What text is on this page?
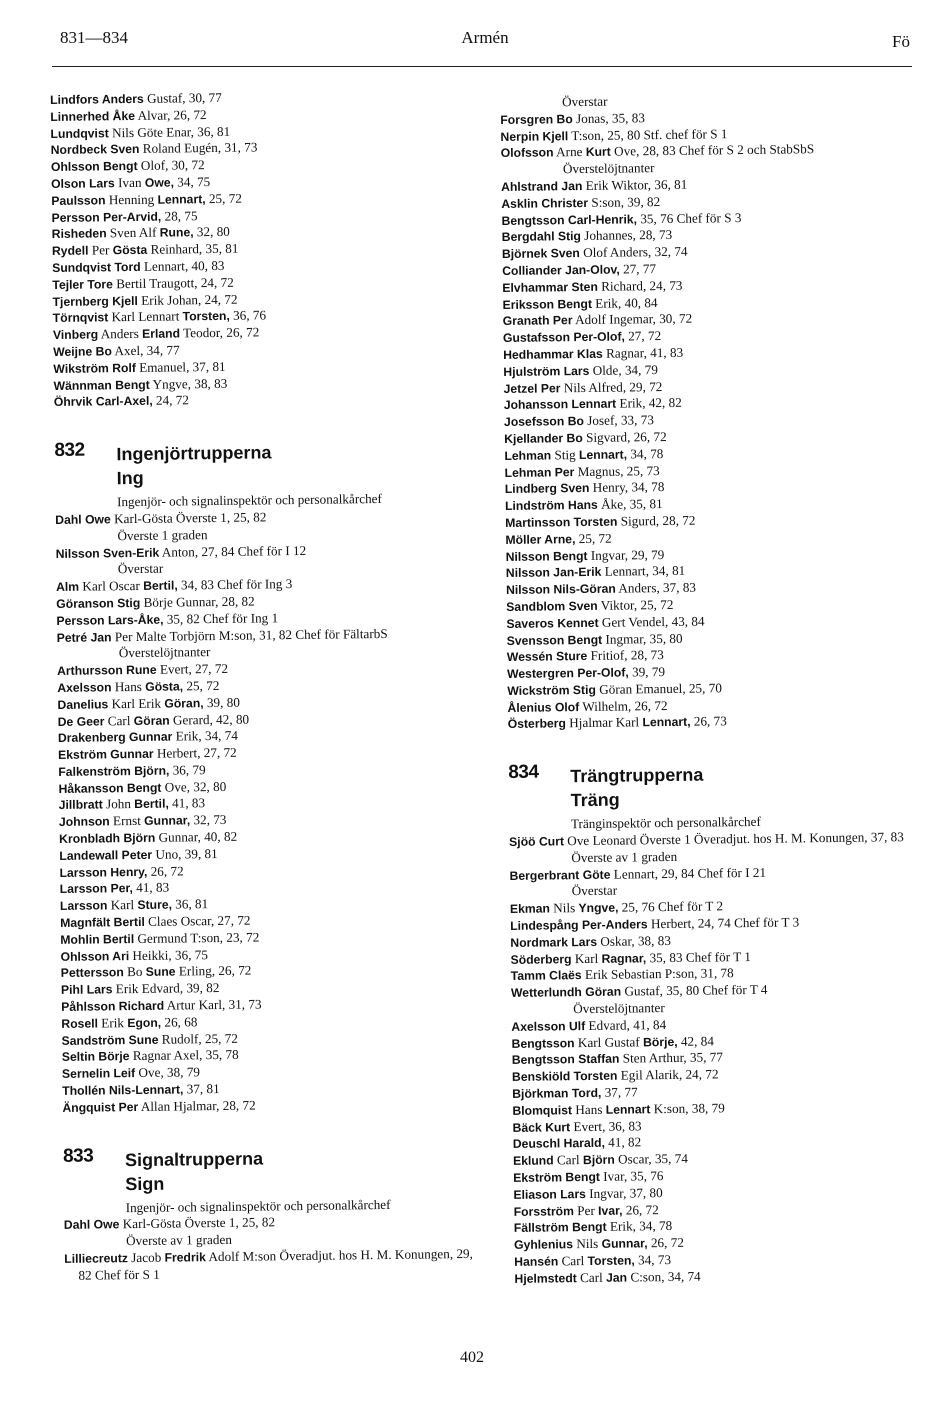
831—834	Armén	Fö
Lindfors Anders Gustaf, 30, 77
Linnerhed Åke Alvar, 26, 72
Lundqvist Nils Göte Enar, 36, 81
Nordbeck Sven Roland Eugén, 31, 73
Ohlsson Bengt Olof, 30, 72
Olson Lars Ivan Owe, 34, 75
Paulsson Henning Lennart, 25, 72
Persson Per-Arvid, 28, 75
Risheden Sven Alf Rune, 32, 80
Rydell Per Gösta Reinhard, 35, 81
Sundqvist Tord Lennart, 40, 83
Tejler Tore Bertil Traugott, 24, 72
Tjernberg Kjell Erik Johan, 24, 72
Törnqvist Karl Lennart Torsten, 36, 76
Vinberg Anders Erland Teodor, 26, 72
Weijne Bo Axel, 34, 77
Wikström Rolf Emanuel, 37, 81
Wännman Bengt Yngve, 38, 83
Öhrvik Carl-Axel, 24, 72
832 Ingenjörtrupperna
Ing
Ingenjör- och signalinspektör och personalkårchef
Dahl Owe Karl-Gösta Överste 1, 25, 82
Överste 1 graden
Nilsson Sven-Erik Anton, 27, 84 Chef för I 12
Överstar
Alm Karl Oscar Bertil, 34, 83 Chef för Ing 3
Göranson Stig Börje Gunnar, 28, 82
Persson Lars-Åke, 35, 82 Chef för Ing 1
Petré Jan Per Malte Torbjörn M:son, 31, 82 Chef för FältarbS
Överstelöjtnanter
Arthursson Rune Evert, 27, 72
Axelsson Hans Gösta, 25, 72
Danelius Karl Erik Göran, 39, 80
De Geer Carl Göran Gerard, 42, 80
Drakenberg Gunnar Erik, 34, 74
Ekström Gunnar Herbert, 27, 72
Falkenström Björn, 36, 79
Håkansson Bengt Ove, 32, 80
Jillbratt John Bertil, 41, 83
Johnson Ernst Gunnar, 32, 73
Kronbladh Björn Gunnar, 40, 82
Landewall Peter Uno, 39, 81
Larsson Henry, 26, 72
Larsson Per, 41, 83
Larsson Karl Sture, 36, 81
Magnfält Bertil Claes Oscar, 27, 72
Mohlin Bertil Germund T:son, 23, 72
Ohlsson Ari Heikki, 36, 75
Pettersson Bo Sune Erling, 26, 72
Pihl Lars Erik Edvard, 39, 82
Påhlsson Richard Artur Karl, 31, 73
Rosell Erik Egon, 26, 68
Sandström Sune Rudolf, 25, 72
Seltin Börje Ragnar Axel, 35, 78
Sernelin Leif Ove, 38, 79
Thollén Nils-Lennart, 37, 81
Ängquist Per Allan Hjalmar, 28, 72
833 Signaltrupperna
Sign
Ingenjör- och signalinspektör och personalkårchef
Dahl Owe Karl-Gösta Överste 1, 25, 82
Överste av 1 graden
Lilliecreutz Jacob Fredrik Adolf M:son Överadjut. hos H. M. Konungen, 29, 82 Chef för S 1
Överstar
Forsgren Bo Jonas, 35, 83
Nerpin Kjell T:son, 25, 80 Stf. chef för S 1
Olofsson Arne Kurt Ove, 28, 83 Chef för S 2 och StabSbS
Överstelöjtnanter
Ahlstrand Jan Erik Wiktor, 36, 81
Asklin Christer S:son, 39, 82
Bengtsson Carl-Henrik, 35, 76 Chef för S 3
Bergdahl Stig Johannes, 28, 73
Björnek Sven Olof Anders, 32, 74
Colliander Jan-Olov, 27, 77
Elvhammar Sten Richard, 24, 73
Eriksson Bengt Erik, 40, 84
Granath Per Adolf Ingemar, 30, 72
Gustafsson Per-Olof, 27, 72
Hedhammar Klas Ragnar, 41, 83
Hjulström Lars Olde, 34, 79
Jetzel Per Nils Alfred, 29, 72
Johansson Lennart Erik, 42, 82
Josefsson Bo Josef, 33, 73
Kjellander Bo Sigvard, 26, 72
Lehman Stig Lennart, 34, 78
Lehman Per Magnus, 25, 73
Lindberg Sven Henry, 34, 78
Lindström Hans Åke, 35, 81
Martinsson Torsten Sigurd, 28, 72
Möller Arne, 25, 72
Nilsson Bengt Ingvar, 29, 79
Nilsson Jan-Erik Lennart, 34, 81
Nilsson Nils-Göran Anders, 37, 83
Sandblom Sven Viktor, 25, 72
Saveros Kennet Gert Vendel, 43, 84
Svensson Bengt Ingmar, 35, 80
Wessén Sture Fritiof, 28, 73
Westergren Per-Olof, 39, 79
Wickström Stig Göran Emanuel, 25, 70
Ålenius Olof Wilhelm, 26, 72
Österberg Hjalmar Karl Lennart, 26, 73
834 Trängtrupperna
Träng
Tränginspektör och personalkårchef
Sjöö Curt Ove Leonard Överste 1 Överadjut. hos H. M. Konungen, 37, 83
Överste av 1 graden
Bergerbrant Göte Lennart, 29, 84 Chef för I 21
Överstar
Ekman Nils Yngve, 25, 76 Chef för T 2
Lindespång Per-Anders Herbert, 24, 74 Chef för T 3
Nordmark Lars Oskar, 38, 83
Söderberg Karl Ragnar, 35, 83 Chef för T 1
Tamm Claës Erik Sebastian P:son, 31, 78
Wetterlundh Göran Gustaf, 35, 80 Chef för T 4
Överstelöjtnanter
Axelsson Ulf Edvard, 41, 84
Bengtsson Karl Gustaf Börje, 42, 84
Bengtsson Staffan Sten Arthur, 35, 77
Benskiöld Torsten Egil Alarik, 24, 72
Björkman Tord, 37, 77
Blomquist Hans Lennart K:son, 38, 79
Bäck Kurt Evert, 36, 83
Deuschl Harald, 41, 82
Eklund Carl Björn Oscar, 35, 74
Ekström Bengt Ivar, 35, 76
Eliason Lars Ingvar, 37, 80
Forsström Per Ivar, 26, 72
Fällström Bengt Erik, 34, 78
Gyhlenius Nils Gunnar, 26, 72
Hansén Carl Torsten, 34, 73
Hjelmstedt Carl Jan C:son, 34, 74
402
